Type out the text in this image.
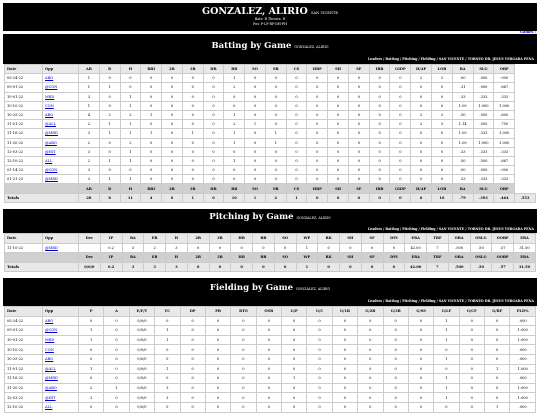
GONZALEZ, ALIRIO SAN VICENTE
Bats: R Throws: R
Pos: P-LF-RF-DH-PH
Games /
Batting by Game GONZALEZ, ALIRIO
Leaders / Batting / Pitching / Fielding / SAN VICENTE / TORNEO DR. JESUS VERGARA PENA
Date	Opp	AB	R	H	RBI	2B	3B	HR	BB	SO	SB	CS	HBP	SH	SF	IBB	GIDP	H/AP	LOB	BA	SLG	OBP	
05-24-22	ABO	1	0	0	0	0	0	0	1	0	0	0	0	0	0	0	0	2	3	.00	.000	.000	
09-01-22	@CON	1	1	0	0	0	0	0	2	0	0	0	0	0	0	0	0	0	0	.31	.000	.667	
10-01-22	MRD	3	0	1	0	0	0	0	0	0	0	0	0	0	0	0	0	0	0	.33	.333	.333	
10-10-22	CON	1	0	1	0	0	0	0	0	0	0	0	0	0	0	0	0	0	0	1.00	1.000	1.000	
10-25-22	ABO	4	2	2	1	0	0	0	1	0	0	0	0	0	0	0	0	2	3	.50	.500	.600	
11-01-22	@ALL	2	1	1	0	0	0	0	2	1	0	0	0	0	0	0	0	2	3	1.14	.500	.750	
11-16-22	@MRD	3	1	1	1	0	1	0	1	0	1	0	0	0	0	0	0	0	0	1.00	.333	1.000	
11-20-22	@ABO	2	0	2	0	0	0	0	1	0	1	0	0	0	0	0	0	0	0	1.00	1.000	1.000	
12-03-22	@HIT	3	0	1	0	0	0	0	0	0	0	0	0	0	0	0	0	0	0	.33	.333	.333	
12-10-22	ALL	2	1	1	0	0	0	0	1	0	0	0	0	0	0	0	0	0	0	.50	.500	.667	
01-14-23	@CON	3	0	0	0	0	0	0	0	0	0	0	0	0	0	0	0	0	0	.00	.000	.000	
01-21-23	@MRD	3	1	1	0	0	0	0	0	0	0	0	0	0	0	0	0	0	0	.33	.333	.333	
		AB	R	H	RBI	2B	3B	HR	BB	SO	SB	CS	HBP	SH	SF	IBB	GIDP	H/AP	LOB	BA	SLG	OBP	
Totals		28	8	11	4	0	1	0	10	1	2	1	0	0	0	0	0	6	10	.79	.393	.464	.553
Pitching by Game GONZALEZ, ALIRIO
Leaders / Batting / Pitching / Fielding / SAN VICENTE / TORNEO DR. JESUS VERGARA PENA
Date	Opp	Dec	IP	BA	ER	H	2B	3B	HR	BB	SO	WP	BK	SH	SF	DPI	ERA	TBF	OBA	OSLG	OOBP	ERA
11-10-22	@MRD		0.2	3	2	3	0	0	0	0	0	1	0	0	0	0	42.00	7	.500	.50	.57	31.50
		Dec	IP	BA	ER	H	2B	3B	HR	BB	SO	WP	BK	SH	SF	DPI	ERA	TBF	OBA	OSLG	OOBP	ERA
Totals		0/0/0	0.2	3	3	3	0	0	0	0	0	1	0	0	0	0	42.00	7	.500	.50	.57	31.50
Fielding by Game GONZALEZ, ALIRIO
Leaders / Batting / Pitching / Fielding / SAN VICENTE / TORNEO DR. JESUS VERGARA PENA
Date	Opp	P	A	E/F/T	TC	DP	PB	RTO	OSB	G/P	G/C	G/1B	G/2B	G/3B	G/SS	G/LF	G/CF	G/RF	FLD%
05-24-22	ABO	0	0	0/0/0	0	0	0	0	0	0	0	0	0	0	0	1	0	0	.000
09-01-22	@CON	1	0	0/0/0	1	0	0	0	0	0	0	0	0	0	0	1	0	0	1.000
10-01-22	MRD	1	0	0/0/0	1	0	0	0	0	0	0	0	0	0	0	1	0	0	1.000
10-10-22	CON	0	0	0/0/0	0	0	0	0	0	0	0	0	0	0	0	0	0	0	.000
10-25-22	ABO	0	0	0/0/0	0	0	0	0	0	0	0	0	0	0	0	1	0	0	.000
11-01-22	@ALL	1	0	0/0/0	1	0	0	0	0	0	0	0	0	0	0	0	0	1	1.000
11-16-22	@MRD	0	0	0/0/0	0	0	0	0	0	1	0	0	0	0	0	1	0	0	.000
11-20-22	@ABO	2	1	0/0/0	3	0	0	0	0	0	0	0	0	0	0	1	0	0	1.000
12-03-22	@HIT	3	0	0/0/0	3	0	0	0	0	0	0	0	0	0	0	1	0	0	1.000
12-10-22	ALL	0	0	0/0/0	0	0	0	0	0	0	0	0	0	0	0	0	0	1	.000
